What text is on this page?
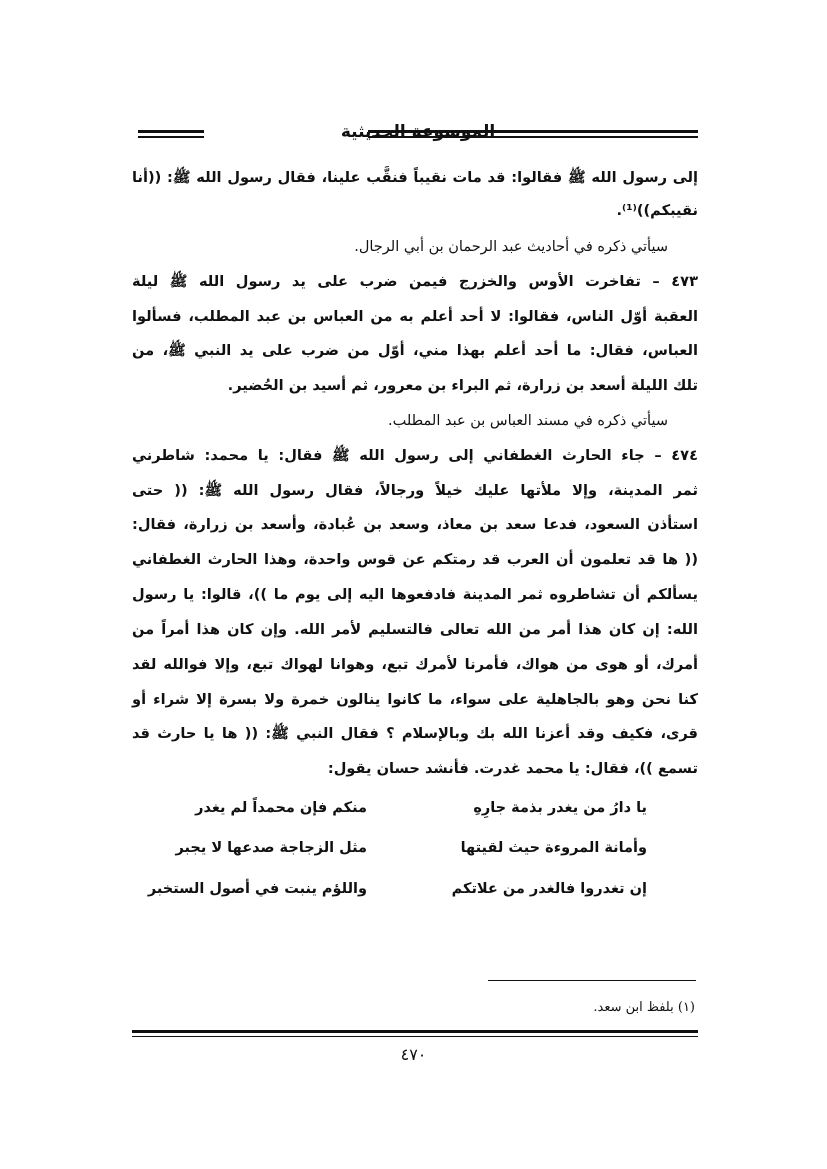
الموسوعة الحديثية
إلى رسول الله ﷺ فقالوا: قد مات نقيباً فنقَّب علينا، فقال رسول الله ﷺ: ((أنا
نقيبكم))⁽¹⁾.
سيأتي ذكره في أحاديث عبد الرحمان بن أبي الرجال.
٤٧٣ – تفاخرت الأوس والخزرج فيمن ضرب على يد رسول الله ﷺ ليلة
العقبة أوّل الناس، فقالوا: لا أحد أعلم به من العباس بن عبد المطلب، فسألوا
العباس، فقال: ما أحد أعلم بهذا مني، أوّل من ضرب على يد النبي ﷺ، من
تلك الليلة أسعد بن زرارة، ثم البراء بن معرور، ثم أسيد بن الحُضير.
سيأتي ذكره في مسند العباس بن عبد المطلب.
٤٧٤ – جاء الحارث الغطفاني إلى رسول الله ﷺ فقال: يا محمد: شاطرني
ثمر المدينة، وإلا ملأتها عليك خيلاً ورجالاً، فقال رسول الله ﷺ: (( حتى
استأذن السعود، فدعا سعد بن معاذ، وسعد بن عُبادة، وأسعد بن زرارة، فقال:
(( ها قد تعلمون أن العرب قد رمتكم عن قوس واحدة، وهذا الحارث الغطفاني
يسألكم أن تشاطروه ثمر المدينة فادفعوها اليه إلى يوم ما ))، قالوا: يا رسول
الله: إن كان هذا أمر من الله تعالى فالتسليم لأمر الله. وإن كان هذا أمراً من
أمرك، أو هوى من هواك، فأمرنا لأمرك تبع، وهوانا لهواك تبع، وإلا فوالله لقد
كنا نحن وهو بالجاهلية على سواء، ما كانوا ينالون خمرة ولا بسرة إلا شراء أو
قرى، فكيف وقد أعزنا الله بك وبالإسلام ؟ فقال النبي ﷺ: (( ها يا حارث قد
تسمع ))، فقال: يا محمد غدرت. فأنشد حسان يقول:
يا دارُ من يغدر بذمة جارِهِ
منكم فإن محمداً لم يغدر
وأمانة المروءة حيث لقيتها
مثل الزجاجة صدعها لا يجبر
إن تغدروا فالغدر من علاتكم
واللؤم ينبت في أصول الستخبر
(١) بلفظ ابن سعد.
٤٧٠
